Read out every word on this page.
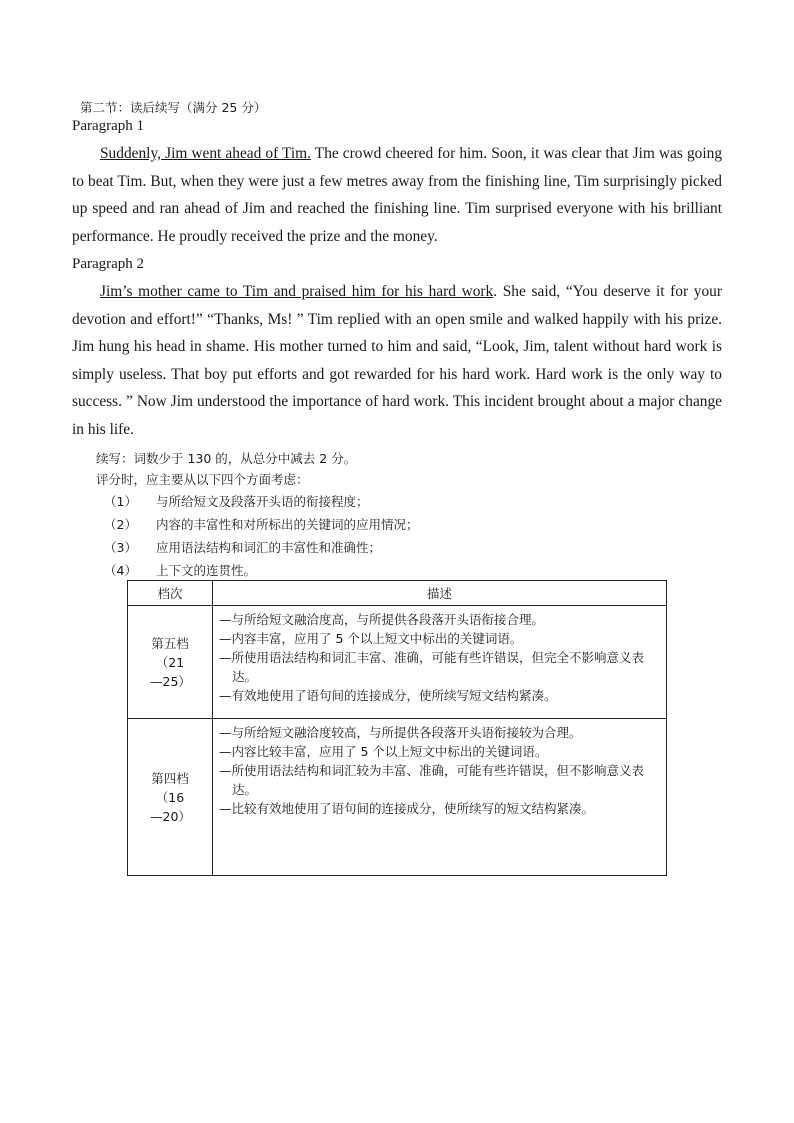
第二节：读后续写（满分 25 分）

Paragraph 1

Suddenly, Jim went ahead of Tim. The crowd cheered for him. Soon, it was clear that Jim was going to beat Tim. But, when they were just a few metres away from the finishing line, Tim surprisingly picked up speed and ran ahead of Jim and reached the finishing line. Tim surprised everyone with his brilliant performance. He proudly received the prize and the money.

Paragraph 2

Jim’s mother came to Tim and praised him for his hard work. She said, “You deserve it for your devotion and effort!” “Thanks, Ms! ” Tim replied with an open smile and walked happily with his prize. Jim hung his head in shame. His mother turned to him and said, “Look, Jim, talent without hard work is simply useless. That boy put efforts and got rewarded for his hard work. Hard work is the only way to success. ” Now Jim understood the importance of hard work. This incident brought about a major change in his life.

续写：词数少于 130 的，从总分中减去 2 分。

评分时，应主要从以下四个方面考虑：

（1）	与所给短文及段落开头语的衔接程度；
（2）	内容的丰富性和对所标出的关键词的应用情况；
（3）	应用语法结构和词汇的丰富性和准确性；
（4）	上下文的连贯性。
档次	描述

第五档
（21—25）	—与所给短文融洽度高，与所提供各段落开头语衔接合理。
—内容丰富，应用了 5 个以上短文中标出的关键词语。
—所使用语法结构和词汇丰富、准确，可能有些许错误，但完全不影响意义表达。
—有效地使用了语句间的连接成分，使所续写短文结构紧凑。

第四档
（16—20）	—与所给短文融洽度较高，与所提供各段落开头语衔接较为合理。
—内容比较丰富，应用了 5 个以上短文中标出的关键词语。
—所使用语法结构和词汇较为丰富、准确，可能有些许错误，但不影响意义表达。
—比较有效地使用了语句间的连接成分，使所续写的短文结构紧凑。
